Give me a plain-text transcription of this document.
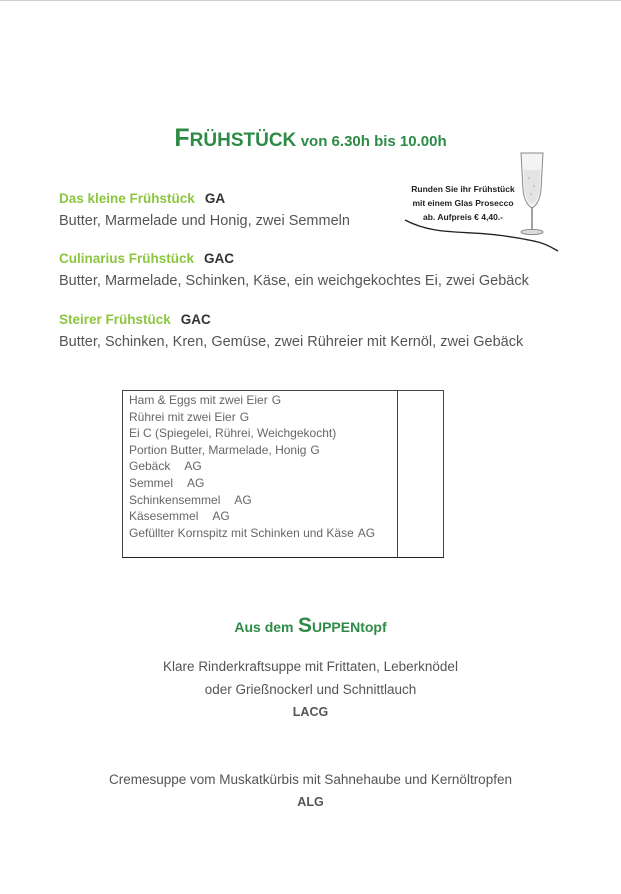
FRÜHSTÜCK von 6.30h bis 10.00h
Das kleine Frühstück GA
Butter, Marmelade und Honig, zwei Semmeln
Culinarius Frühstück GAC
Butter, Marmelade, Schinken, Käse, ein weichgekochtes Ei, zwei Gebäck
Steirer Frühstück GAC
Butter, Schinken, Kren, Gemüse, zwei Rühreier mit Kernöl, zwei Gebäck
Runden Sie ihr Frühstück
mit einem Glas Prosecco
ab. Aufpreis € 4,40.-
Ham & Eggs mit zwei Eier G
Rührei mit zwei Eier G
Ei C (Spiegelei, Rührei, Weichgekocht)
Portion Butter, Marmelade, Honig G
Gebäck AG
Semmel AG
Schinkensemmel AG
Käsesemmel AG
Gefüllter Kornspitz mit Schinken und Käse AG
Aus dem SUPPENtopf
Klare Rinderkraftsuppe mit Frittaten, Leberknödel
oder Grießnockerl und Schnittlauch
LACG
Cremesuppe vom Muskatkürbis mit Sahnehaube und Kernöltropfen
ALG
